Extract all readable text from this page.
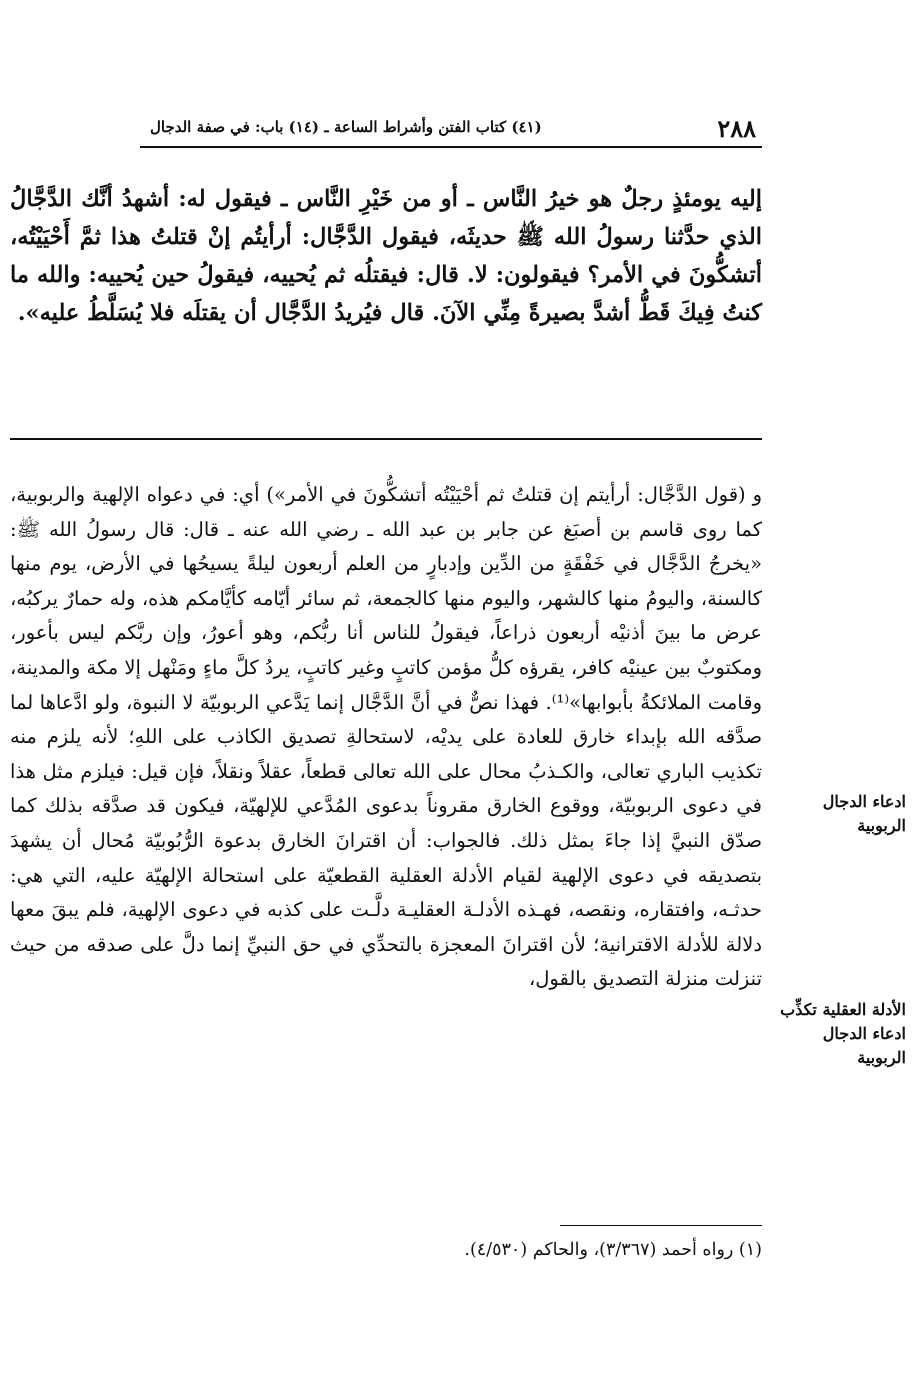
٢٨٨
(٤١) كتاب الفتن وأشراط الساعة ـ (١٤) باب: في صفة الدجال
إليه يومئذٍ رجلٌ هو خيرُ النَّاس ـ أو من خَيْرِ النَّاس ـ فيقول له: أشهدُ أنَّك الدَّجَّالُ الذي حدَّثنا رسولُ الله ﷺ حديثَه، فيقول الدَّجَّال: أرأيتُم إنْ قتلتُ هذا ثمَّ أَحْيَيْتُه، أتشكُّونَ في الأمر؟ فيقولون: لا. قال: فيقتلُه ثم يُحييه، فيقولُ حين يُحييه: والله ما كنتُ فِيكَ قَطُّ أشدَّ بصيرةً مِنِّي الآنَ. قال فيُريدُ الدَّجَّال أن يقتلَه فلا يُسَلَّطُ عليه».

و (قول الدَّجَّال: أرأيتم إن قتلتُ ثم أحْيَيْتُه أتشكُّونَ في الأمر») أي: في دعواه الإلهية والربوبية، كما روى قاسم بن أصبَغ عن جابر بن عبد الله ـ رضي الله عنه ـ قال: قال رسولُ الله ﷺ: «يخرجُ الدَّجَّال في خَفْقَةٍ من الدِّين وإدبارٍ من العلم أربعون ليلةً يسيحُها في الأرض، يوم منها كالسنة، واليومُ منها كالشهر، واليوم منها كالجمعة، ثم سائر أيّامه كأيَّامكم هذه، وله حمارٌ يركبُه، عرض ما بينَ أذنيْه أربعون ذراعاً، فيقولُ للناس أنا ربُّكم، وهو أعورُ، وإن ربَّكم ليس بأعور، ومكتوبٌ بين عينيْه كافر، يقرؤه كلُّ مؤمن كاتبٍ وغير كاتبٍ، يردُ كلَّ ماءٍ ومَنْهل إلا مكة والمدينة، وقامت الملائكةُ بأبوابها»⁽¹⁾. فهذا نصٌّ في أنَّ الدَّجَّال إنما يَدَّعي الربوبيّة لا النبوة، ولو ادَّعاها لما صدَّقه الله بإبداء خارق للعادة على يديْه، لاستحالةِ تصديق الكاذب على اللهِ؛ لأنه يلزم منه تكذيب الباري تعالى، والكـذبُ محال على الله تعالى قطعاً، عقلاً ونقلاً، فإن قيل: فيلزم مثل هذا في دعوى الربوبيّة، ووقوع الخارق مقروناً بدعوى المُدَّعي للإلهيّة، فيكون قد صدَّقه بذلك كما صدّق النبيَّ إذا جاءَ بمثل ذلك. فالجواب: أن اقترانَ الخارق بدعوة الرُّبُوبيّة مُحال أن يشهدَ بتصديقه في دعوى الإلهية لقيام الأدلة العقلية القطعيّة على استحالة الإلهيّة عليه، التي هي: حدثـه، وافتقاره، ونقصه، فهـذه الأدلـة العقليـة دلَّـت على كذبه في دعوى الإلهية، فلم يبقَ معها دلالة للأدلة الاقترانية؛ لأن اقترانَ المعجزة بالتحدِّي في حق النبيِّ إنما دلَّ على صدقه من حيث تنزلت منزلة التصديق بالقول،

ادعاء الدجال الربوبية
الأدلة العقلية تكذِّب ادعاء الدجال الربوبية
(١) رواه أحمد (٣/٣٦٧)، والحاكم (٤/٥٣٠).
